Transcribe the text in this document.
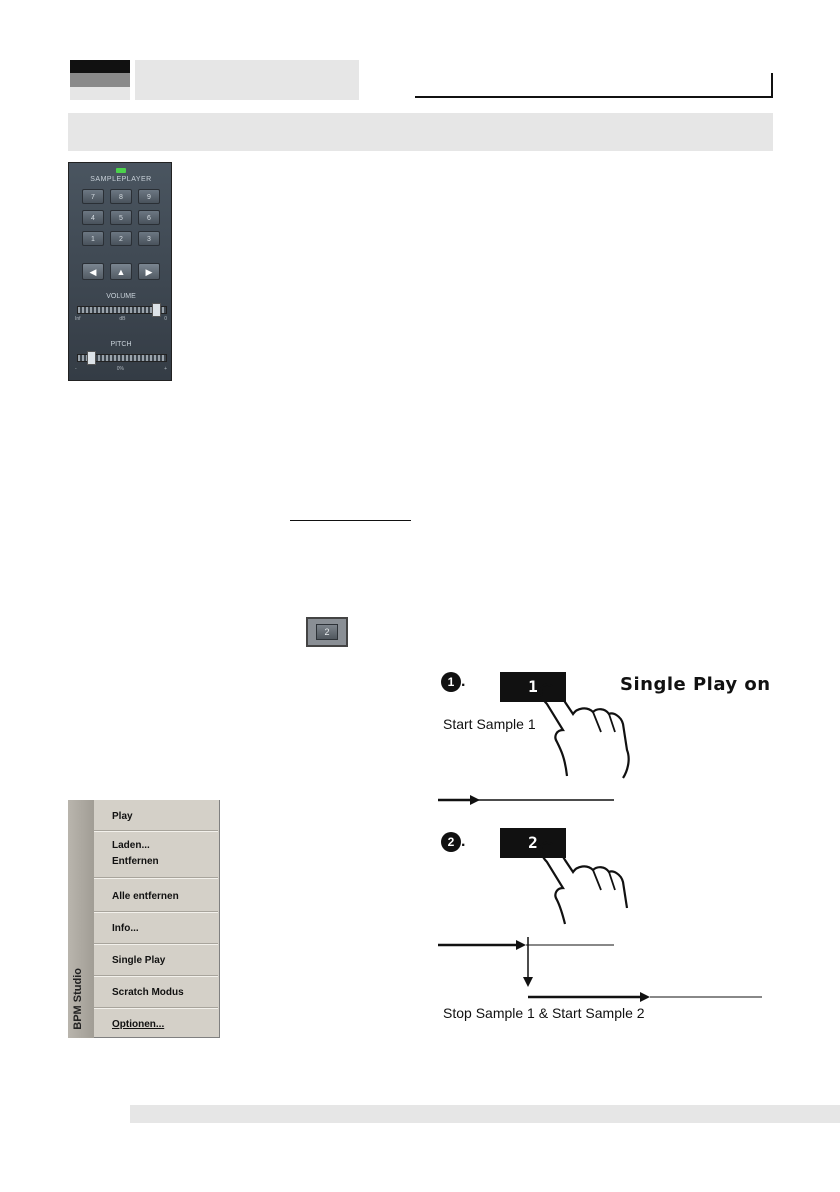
SAMPLEPLAYER
7	8	9
4	5	6
1	2	3
◀	▲	▶
VOLUME
Inf	dB	0
PITCH
-	0%	+
2
1 .	1	Single Play on
Start Sample 1
2 .	2
Stop Sample 1 & Start Sample 2
BPM Studio
Play
Laden...
Entfernen
Alle entfernen
Info...
Single Play
Scratch Modus
Optionen...
